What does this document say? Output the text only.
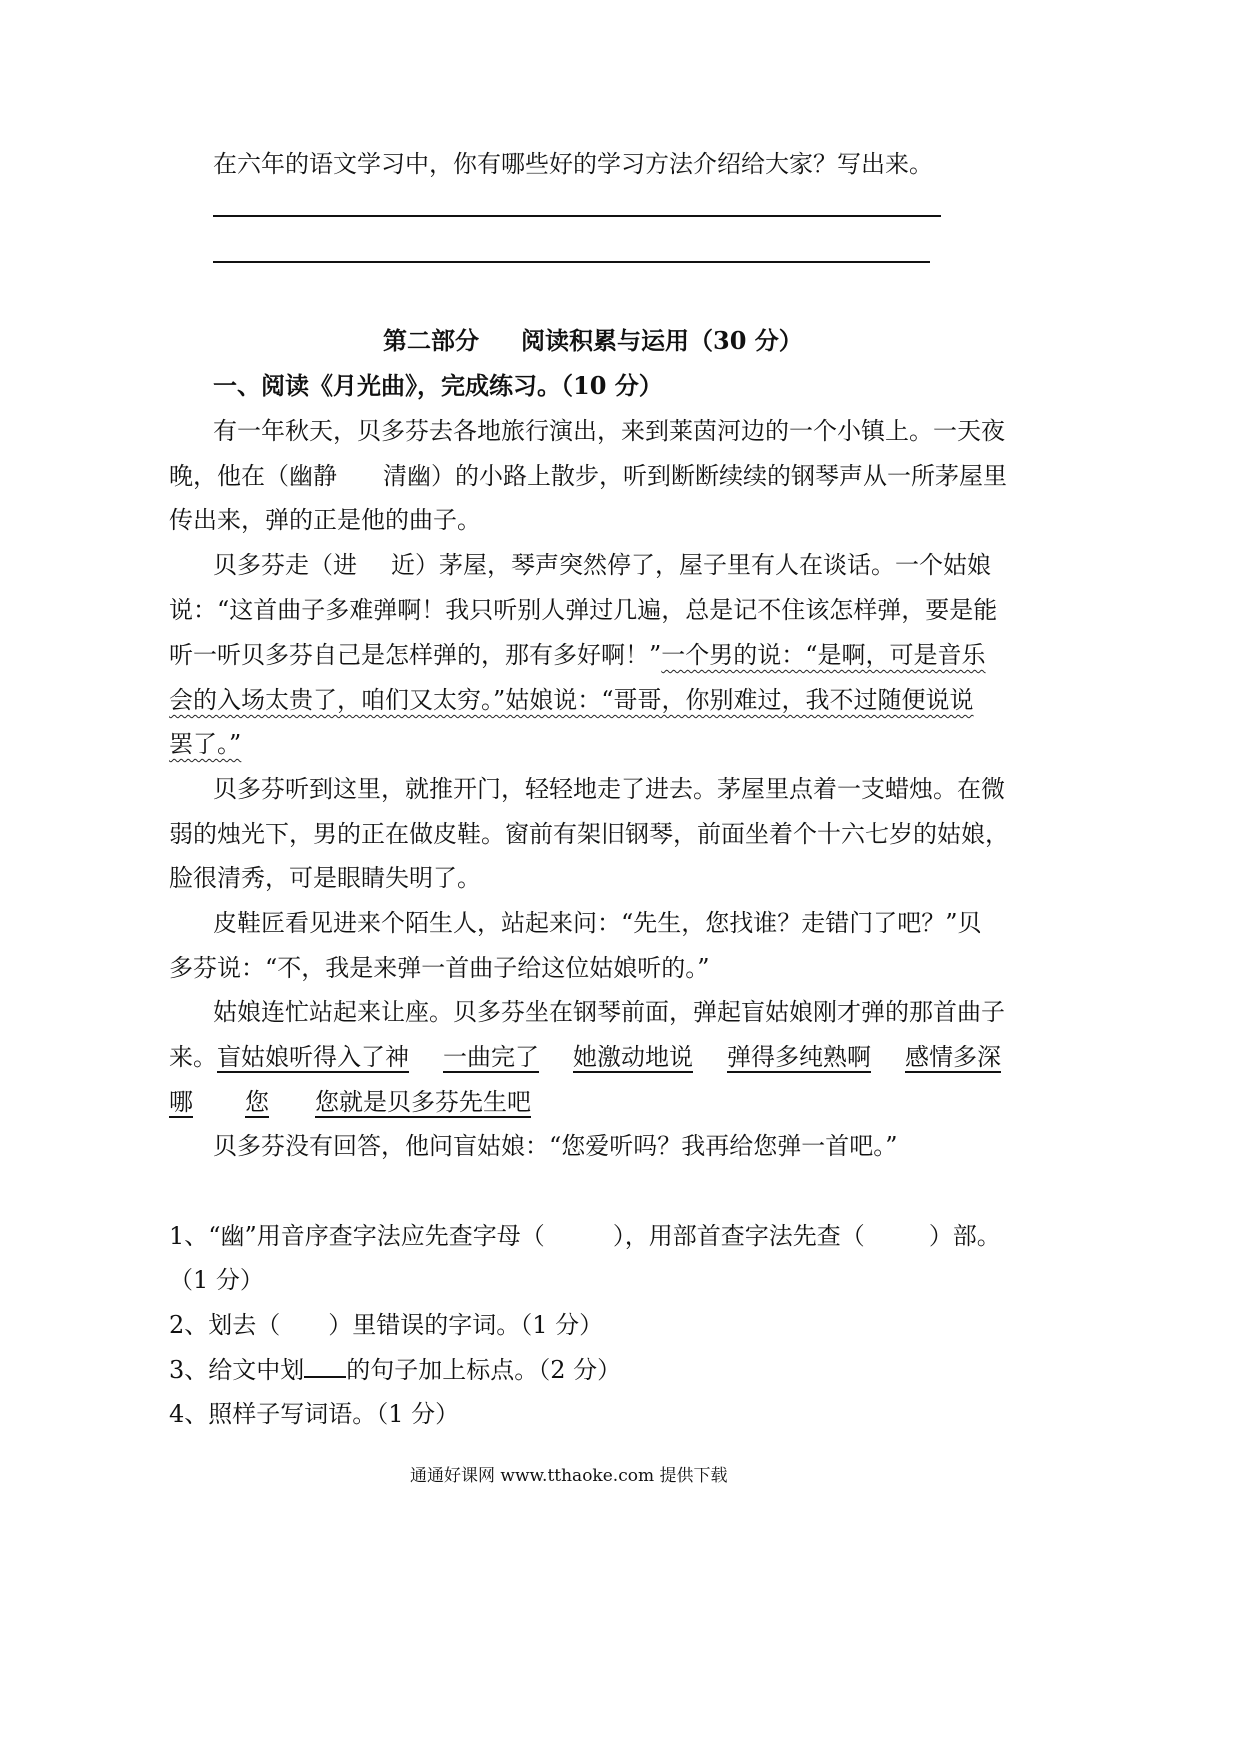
在六年的语文学习中，你有哪些好的学习方法介绍给大家？写出来。
第二部分 阅读积累与运用（30 分）
一、阅读《月光曲》，完成练习。（10 分）
有一年秋天，贝多芬去各地旅行演出，来到莱茵河边的一个小镇上。一天夜
晚，他在（幽静 清幽）的小路上散步，听到断断续续的钢琴声从一所茅屋里
传出来，弹的正是他的曲子。
贝多芬走（进 近）茅屋，琴声突然停了，屋子里有人在谈话。一个姑娘
说：“这首曲子多难弹啊！我只听别人弹过几遍，总是记不住该怎样弹，要是能
听一听贝多芬自己是怎样弹的，那有多好啊！”一个男的说：“是啊，可是音乐
会的入场太贵了，咱们又太穷。”姑娘说：“哥哥，你别难过，我不过随便说说
罢了。”
贝多芬听到这里，就推开门，轻轻地走了进去。茅屋里点着一支蜡烛。在微
弱的烛光下，男的正在做皮鞋。窗前有架旧钢琴，前面坐着个十六七岁的姑娘，
脸很清秀，可是眼睛失明了。
皮鞋匠看见进来个陌生人，站起来问：“先生，您找谁？走错门了吧？”贝
多芬说：“不，我是来弹一首曲子给这位姑娘听的。”
姑娘连忙站起来让座。贝多芬坐在钢琴前面，弹起盲姑娘刚才弹的那首曲子
来。盲姑娘听得入了神 一曲完了 她激动地说 弹得多纯熟啊 感情多深
哪 您 您就是贝多芬先生吧
贝多芬没有回答，他问盲姑娘：“您爱听吗？我再给您弹一首吧。”
1、“幽”用音序查字法应先查字母（	），用部首查字法先查（	）部。
（1 分）
2、划去（ ）里错误的字词。（1 分）
3、给文中划 的句子加上标点。（2 分）
4、照样子写词语。（1 分）
通通好课网 www.tthaoke.com 提供下载
